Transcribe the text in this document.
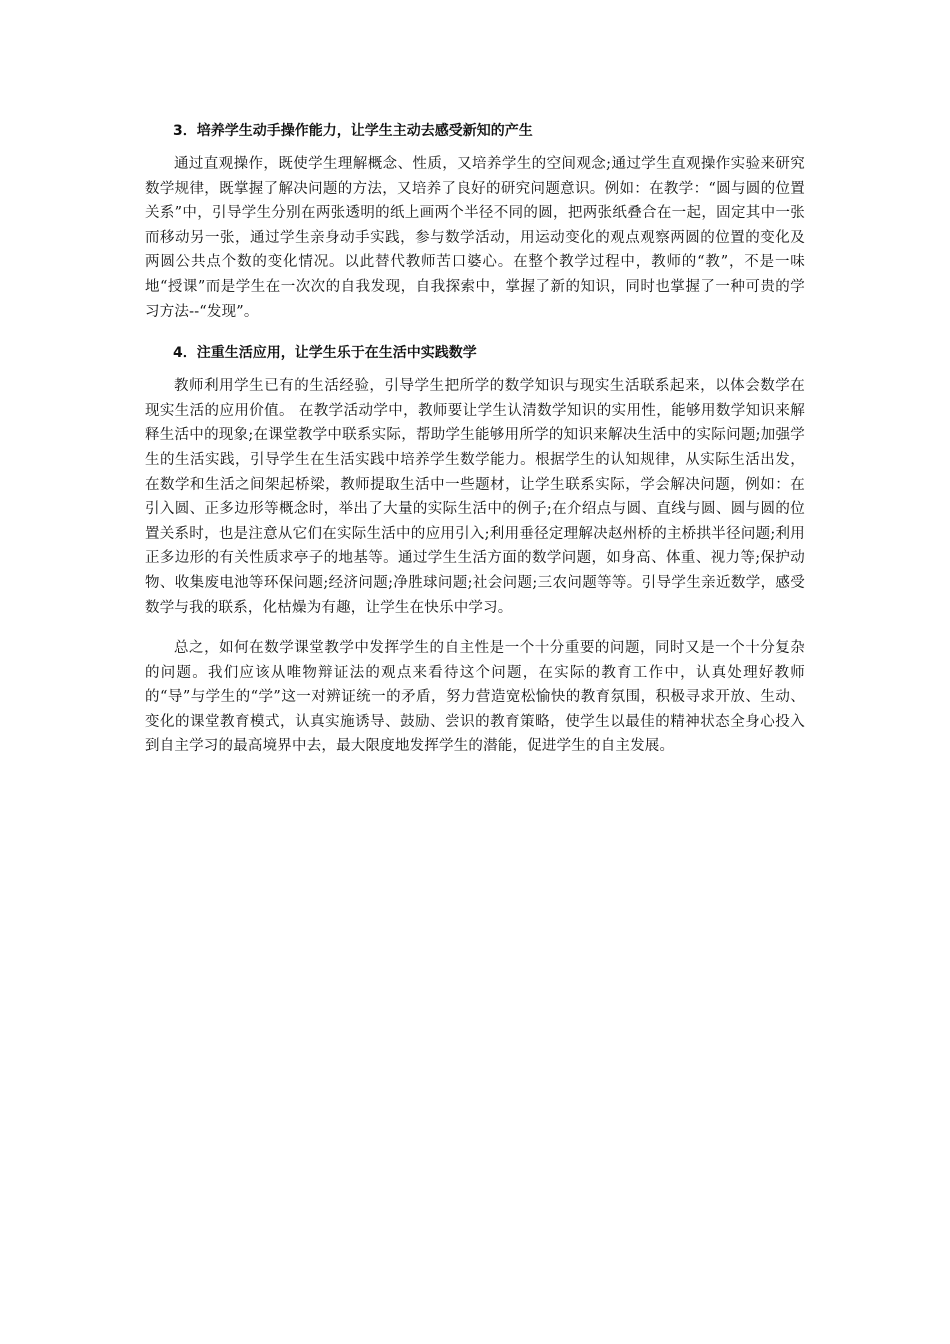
3．培养学生动手操作能力，让学生主动去感受新知的产生

通过直观操作，既使学生理解概念、性质，又培养学生的空间观念;通过学生直观操作实验来研究数学规律，既掌握了解决问题的方法，又培养了良好的研究问题意识。例如：在教学：“圆与圆的位置关系”中，引导学生分别在两张透明的纸上画两个半径不同的圆，把两张纸叠合在一起，固定其中一张而移动另一张，通过学生亲身动手实践，参与数学活动，用运动变化的观点观察两圆的位置的变化及两圆公共点个数的变化情况。以此替代教师苦口婆心。在整个教学过程中，教师的“教”，不是一味地“授课”而是学生在一次次的自我发现，自我探索中，掌握了新的知识，同时也掌握了一种可贵的学习方法--“发现”。

4．注重生活应用，让学生乐于在生活中实践数学

教师利用学生已有的生活经验，引导学生把所学的数学知识与现实生活联系起来，以体会数学在现实生活的应用价值。 在教学活动学中，教师要让学生认清数学知识的实用性，能够用数学知识来解释生活中的现象;在课堂教学中联系实际，帮助学生能够用所学的知识来解决生活中的实际问题;加强学生的生活实践，引导学生在生活实践中培养学生数学能力。根据学生的认知规律，从实际生活出发，在数学和生活之间架起桥梁，教师提取生活中一些题材，让学生联系实际，学会解决问题，例如：在引入圆、正多边形等概念时，举出了大量的实际生活中的例子;在介绍点与圆、直线与圆、圆与圆的位置关系时，也是注意从它们在实际生活中的应用引入;利用垂径定理解决赵州桥的主桥拱半径问题;利用正多边形的有关性质求亭子的地基等。通过学生生活方面的数学问题，如身高、体重、视力等;保护动物、收集废电池等环保问题;经济问题;净胜球问题;社会问题;三农问题等等。引导学生亲近数学，感受数学与我的联系，化枯燥为有趣，让学生在快乐中学习。

总之，如何在数学课堂教学中发挥学生的自主性是一个十分重要的问题，同时又是一个十分复杂的问题。我们应该从唯物辩证法的观点来看待这个问题，在实际的教育工作中，认真处理好教师的“导”与学生的“学”这一对辨证统一的矛盾，努力营造宽松愉快的教育氛围，积极寻求开放、生动、变化的课堂教育模式，认真实施诱导、鼓励、尝识的教育策略，使学生以最佳的精神状态全身心投入到自主学习的最高境界中去，最大限度地发挥学生的潜能，促进学生的自主发展。
